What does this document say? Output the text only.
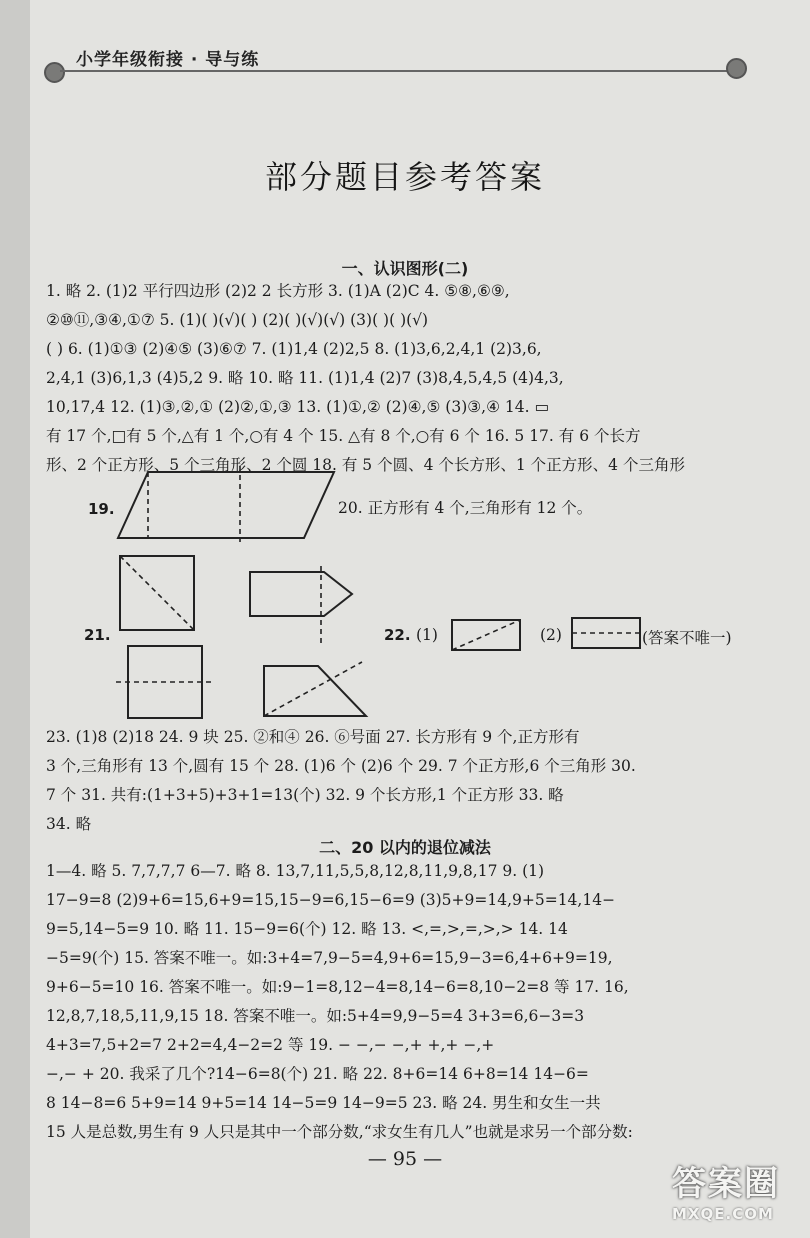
小学年级衔接 · 导与练
部分题目参考答案
一、认识图形(二)
1. 略 2. (1)2 平行四边形 (2)2 2 长方形 3. (1)A (2)C 4. ⑤⑧,⑥⑨,
②⑩⑪,③④,①⑦ 5. (1)( )(√)( ) (2)( )(√)(√) (3)( )( )(√)
( ) 6. (1)①③ (2)④⑤ (3)⑥⑦ 7. (1)1,4 (2)2,5 8. (1)3,6,2,4,1 (2)3,6,
2,4,1 (3)6,1,3 (4)5,2 9. 略 10. 略 11. (1)1,4 (2)7 (3)8,4,5,4,5 (4)4,3,
10,17,4 12. (1)③,②,① (2)②,①,③ 13. (1)①,② (2)④,⑤ (3)③,④ 14. ▭
有 17 个,□有 5 个,△有 1 个,○有 4 个 15. △有 8 个,○有 6 个 16. 5 17. 有 6 个长方
形、2 个正方形、5 个三角形、2 个圆 18. 有 5 个圆、4 个长方形、1 个正方形、4 个三角形
19.	20. 正方形有 4 个,三角形有 12 个。
21.	22. (1)	(2)	(答案不唯一)
23. (1)8 (2)18 24. 9 块 25. ②和④ 26. ⑥号面 27. 长方形有 9 个,正方形有
3 个,三角形有 13 个,圆有 15 个 28. (1)6 个 (2)6 个 29. 7 个正方形,6 个三角形 30.
7 个 31. 共有:(1+3+5)+3+1=13(个) 32. 9 个长方形,1 个正方形 33. 略
34. 略
二、20 以内的退位减法
1—4. 略 5. 7,7,7,7 6—7. 略 8. 13,7,11,5,5,8,12,8,11,9,8,17 9. (1)
17−9=8 (2)9+6=15,6+9=15,15−9=6,15−6=9 (3)5+9=14,9+5=14,14−
9=5,14−5=9 10. 略 11. 15−9=6(个) 12. 略 13. <,=,>,=,>,> 14. 14
−5=9(个) 15. 答案不唯一。如:3+4=7,9−5=4,9+6=15,9−3=6,4+6+9=19,
9+6−5=10 16. 答案不唯一。如:9−1=8,12−4=8,14−6=8,10−2=8 等 17. 16,
12,8,7,18,5,11,9,15 18. 答案不唯一。如:5+4=9,9−5=4 3+3=6,6−3=3
4+3=7,5+2=7 2+2=4,4−2=2 等 19. − −,− −,+ +,+ −,+
−,− + 20. 我采了几个?14−6=8(个) 21. 略 22. 8+6=14 6+8=14 14−6=
8 14−8=6 5+9=14 9+5=14 14−5=9 14−9=5 23. 略 24. 男生和女生一共
15 人是总数,男生有 9 人只是其中一个部分数,“求女生有几人”也就是求另一个部分数:
— 95 —
答案圈
MXQE.COM
